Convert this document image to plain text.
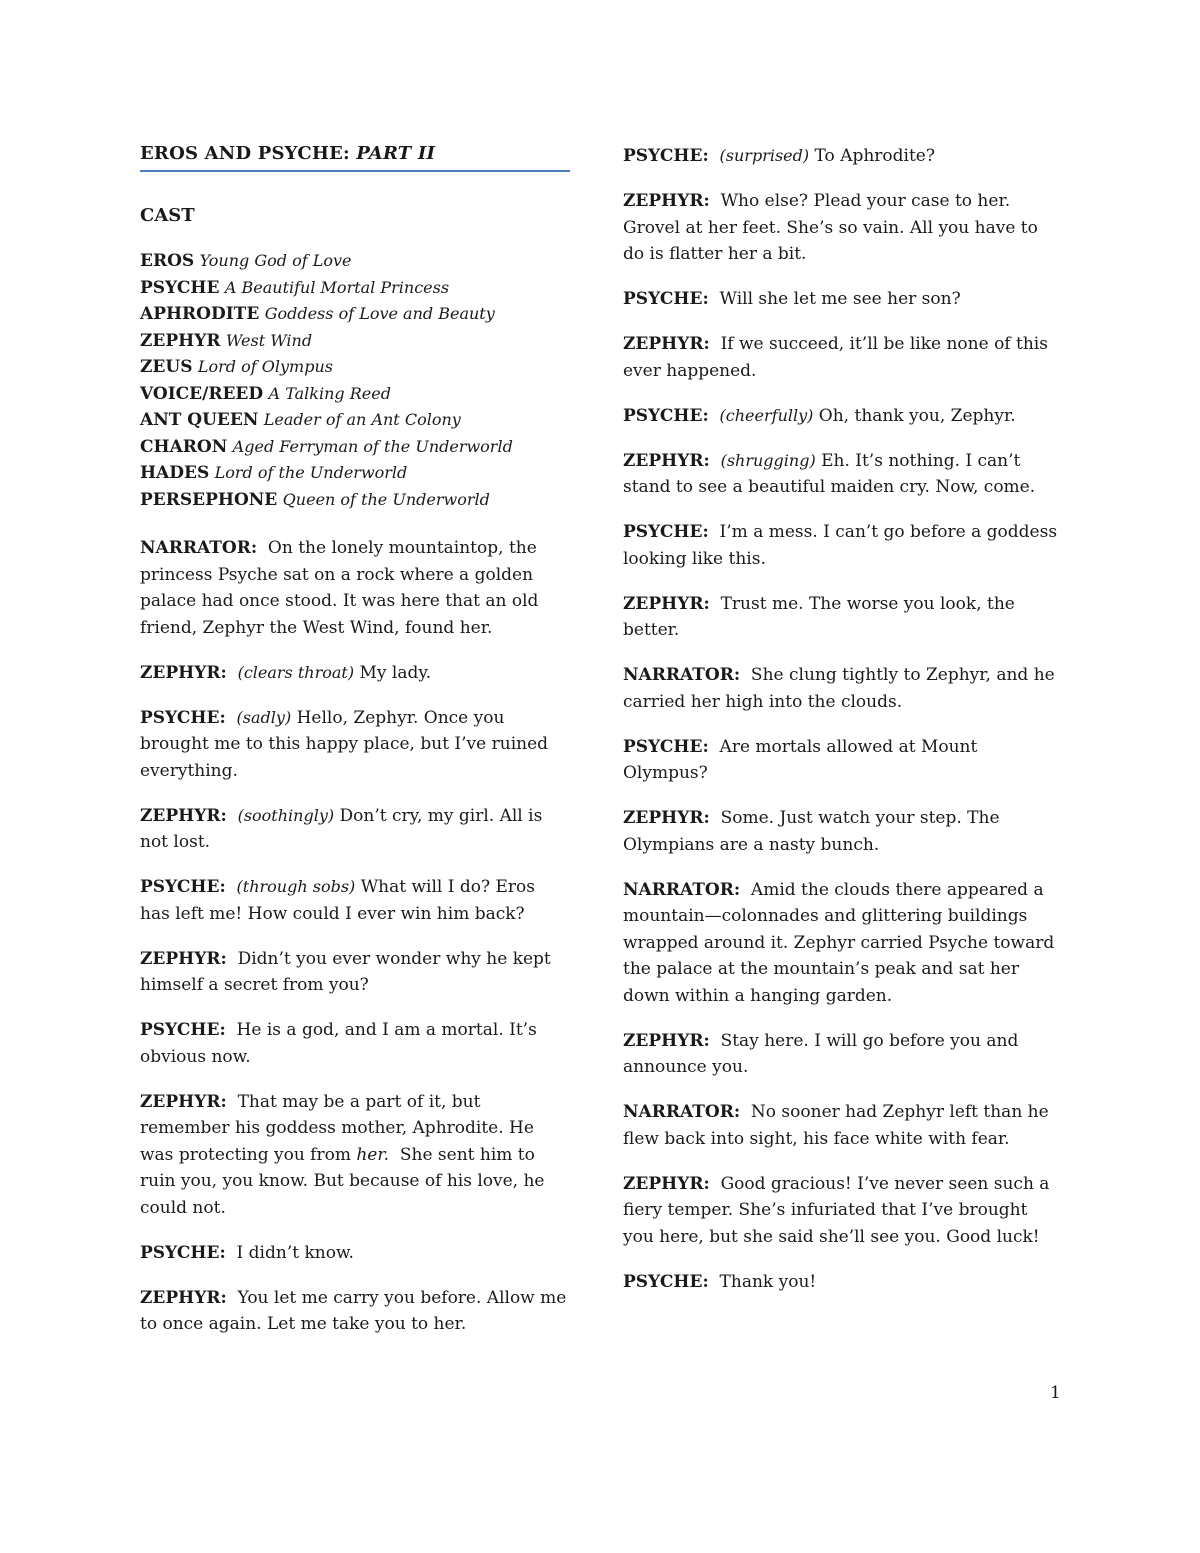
EROS AND PSYCHE: PART II

CAST

EROS Young God of Love
PSYCHE A Beautiful Mortal Princess
APHRODITE Goddess of Love and Beauty
ZEPHYR West Wind
ZEUS Lord of Olympus
VOICE/REED A Talking Reed
ANT QUEEN Leader of an Ant Colony
CHARON Aged Ferryman of the Underworld
HADES Lord of the Underworld
PERSEPHONE Queen of the Underworld

NARRATOR: On the lonely mountaintop, the princess Psyche sat on a rock where a golden palace had once stood. It was here that an old friend, Zephyr the West Wind, found her.

ZEPHYR: (clears throat) My lady.

PSYCHE: (sadly) Hello, Zephyr. Once you brought me to this happy place, but I’ve ruined everything.

ZEPHYR: (soothingly) Don’t cry, my girl. All is not lost.

PSYCHE: (through sobs) What will I do? Eros has left me! How could I ever win him back?

ZEPHYR: Didn’t you ever wonder why he kept himself a secret from you?

PSYCHE: He is a god, and I am a mortal. It’s obvious now.

ZEPHYR: That may be a part of it, but remember his goddess mother, Aphrodite. He was protecting you from her. She sent him to ruin you, you know. But because of his love, he could not.

PSYCHE: I didn’t know.

ZEPHYR: You let me carry you before. Allow me to once again. Let me take you to her.

PSYCHE: (surprised) To Aphrodite?

ZEPHYR: Who else? Plead your case to her. Grovel at her feet. She’s so vain. All you have to do is flatter her a bit.

PSYCHE: Will she let me see her son?

ZEPHYR: If we succeed, it’ll be like none of this ever happened.

PSYCHE: (cheerfully) Oh, thank you, Zephyr.

ZEPHYR: (shrugging) Eh. It’s nothing. I can’t stand to see a beautiful maiden cry. Now, come.

PSYCHE: I’m a mess. I can’t go before a goddess looking like this.

ZEPHYR: Trust me. The worse you look, the better.

NARRATOR: She clung tightly to Zephyr, and he carried her high into the clouds.

PSYCHE: Are mortals allowed at Mount Olympus?

ZEPHYR: Some. Just watch your step. The Olympians are a nasty bunch.

NARRATOR: Amid the clouds there appeared a mountain—colonnades and glittering buildings wrapped around it. Zephyr carried Psyche toward the palace at the mountain’s peak and sat her down within a hanging garden.

ZEPHYR: Stay here. I will go before you and announce you.

NARRATOR: No sooner had Zephyr left than he flew back into sight, his face white with fear.

ZEPHYR: Good gracious! I’ve never seen such a fiery temper. She’s infuriated that I’ve brought you here, but she said she’ll see you. Good luck!

PSYCHE: Thank you!

1
